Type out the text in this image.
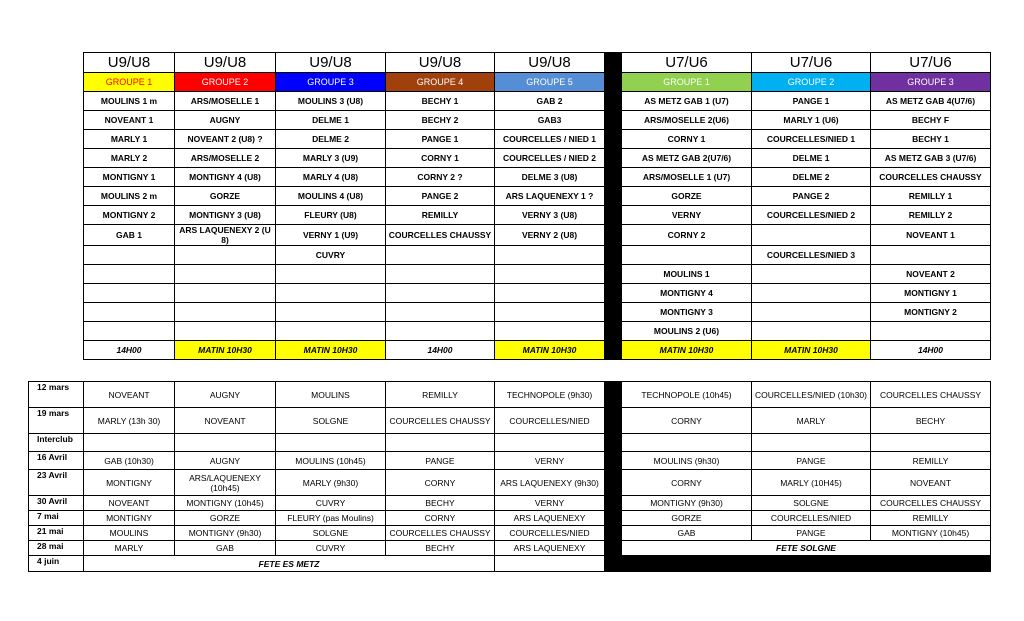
U9/U8	U9/U8	U9/U8	U9/U8	U9/U8		U7/U6	U7/U6	U7/U6
GROUPE 1	GROUPE 2	GROUPE 3	GROUPE 4	GROUPE 5		GROUPE 1	GROUPE 2	GROUPE 3
MOULINS 1 m	ARS/MOSELLE 1	MOULINS 3 (U8)	BECHY 1	GAB 2		AS METZ GAB 1 (U7)	PANGE 1	AS METZ GAB 4(U7/6)
NOVEANT 1	AUGNY	DELME 1	BECHY 2	GAB3		ARS/MOSELLE 2(U6)	MARLY 1 (U6)	BECHY F
MARLY 1	NOVEANT 2 (U8) ?	DELME 2	PANGE 1	COURCELLES / NIED 1		CORNY 1	COURCELLES/NIED 1	BECHY 1
MARLY 2	ARS/MOSELLE 2	MARLY 3 (U9)	CORNY 1	COURCELLES / NIED 2		AS METZ GAB 2(U7/6)	DELME 1	AS METZ GAB 3 (U7/6)
MONTIGNY 1	MONTIGNY 4 (U8)	MARLY 4 (U8)	CORNY 2 ?	DELME 3 (U8)		ARS/MOSELLE 1 (U7)	DELME 2	COURCELLES CHAUSSY
MOULINS 2 m	GORZE	MOULINS 4 (U8)	PANGE 2	ARS LAQUENEXY 1 ?		GORZE	PANGE 2	REMILLY 1
MONTIGNY 2	MONTIGNY 3 (U8)	FLEURY (U8)	REMILLY	VERNY 3 (U8)		VERNY	COURCELLES/NIED 2	REMILLY 2
GAB 1	ARS LAQUENEXY 2 (U 8)	VERNY 1 (U9)	COURCELLES CHAUSSY	VERNY 2 (U8)		CORNY 2		NOVEANT 1
		CUVRY					COURCELLES/NIED 3	
						MOULINS 1		NOVEANT 2
						MONTIGNY 4		MONTIGNY 1
						MONTIGNY 3		MONTIGNY 2
						MOULINS 2 (U6)		
14H00	MATIN 10H30	MATIN 10H30	14H00	MATIN 10H30		MATIN 10H30	MATIN 10H30	14H00
12 mars	NOVEANT	AUGNY	MOULINS	REMILLY	TECHNOPOLE (9h30)		TECHNOPOLE (10h45)	COURCELLES/NIED (10h30)	COURCELLES CHAUSSY
19 mars	MARLY (13h 30)	NOVEANT	SOLGNE	COURCELLES CHAUSSY	COURCELLES/NIED		CORNY	MARLY	BECHY
Interclub									
16 Avril	GAB (10h30)	AUGNY	MOULINS (10h45)	PANGE	VERNY		MOULINS (9h30)	PANGE	REMILLY
23 Avril	MONTIGNY	ARS/LAQUENEXY (10h45)	MARLY (9h30)	CORNY	ARS LAQUENEXY (9h30)		CORNY	MARLY (10H45)	NOVEANT
30 Avril	NOVEANT	MONTIGNY (10h45)	CUVRY	BECHY	VERNY		MONTIGNY (9h30)	SOLGNE	COURCELLES CHAUSSY
7 mai	MONTIGNY	GORZE	FLEURY (pas Moulins)	CORNY	ARS LAQUENEXY		GORZE	COURCELLES/NIED	REMILLY
21 mai	MOULINS	MONTIGNY (9h30)	SOLGNE	COURCELLES CHAUSSY	COURCELLES/NIED		GAB	PANGE	MONTIGNY (10h45)
28 mai	MARLY	GAB	CUVRY	BECHY	ARS LAQUENEXY		FETE SOLGNE		
4 juin	FETE ES METZ								
